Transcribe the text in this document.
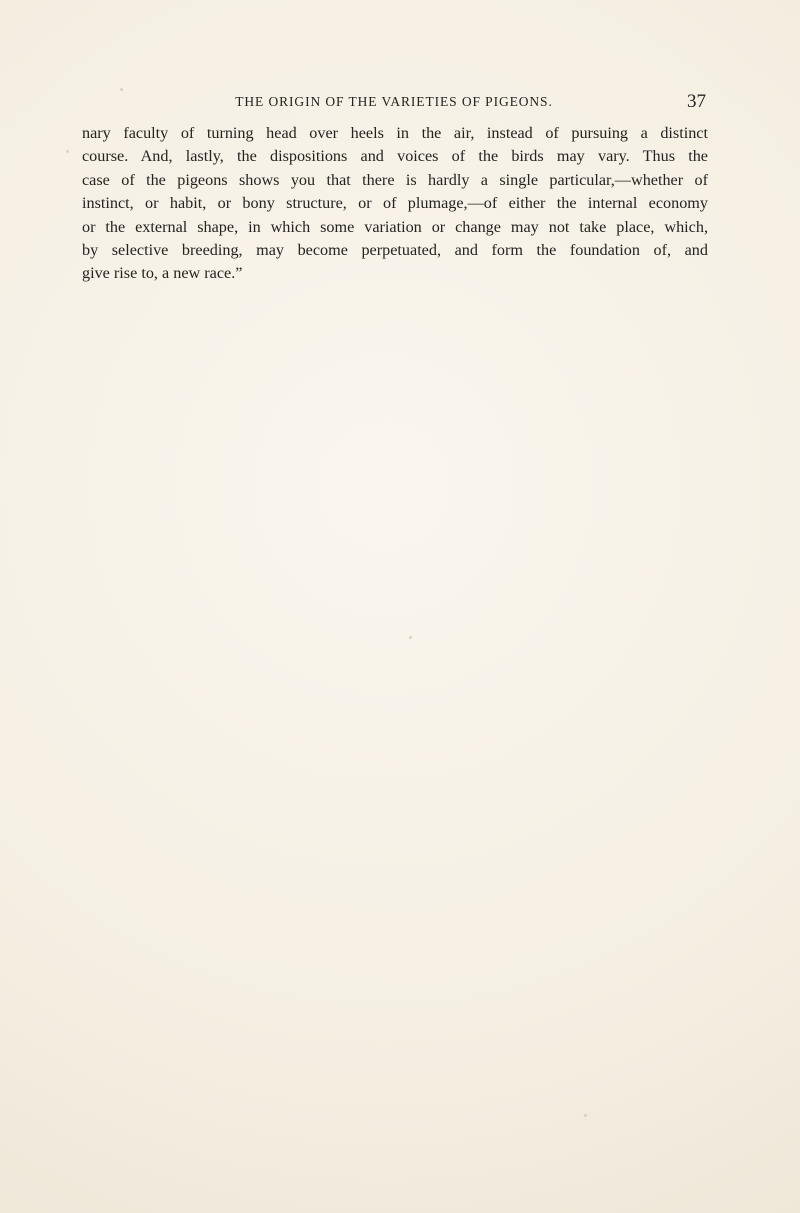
THE ORIGIN OF THE VARIETIES OF PIGEONS.	37

nary faculty of turning head over heels in the air, instead of pursuing a distinct
course. And, lastly, the dispositions and voices of the birds may vary. Thus the
case of the pigeons shows you that there is hardly a single particular,—whether of
instinct, or habit, or bony structure, or of plumage,—of either the internal economy
or the external shape, in which some variation or change may not take place, which,
by selective breeding, may become perpetuated, and form the foundation of, and
give rise to, a new race.”
